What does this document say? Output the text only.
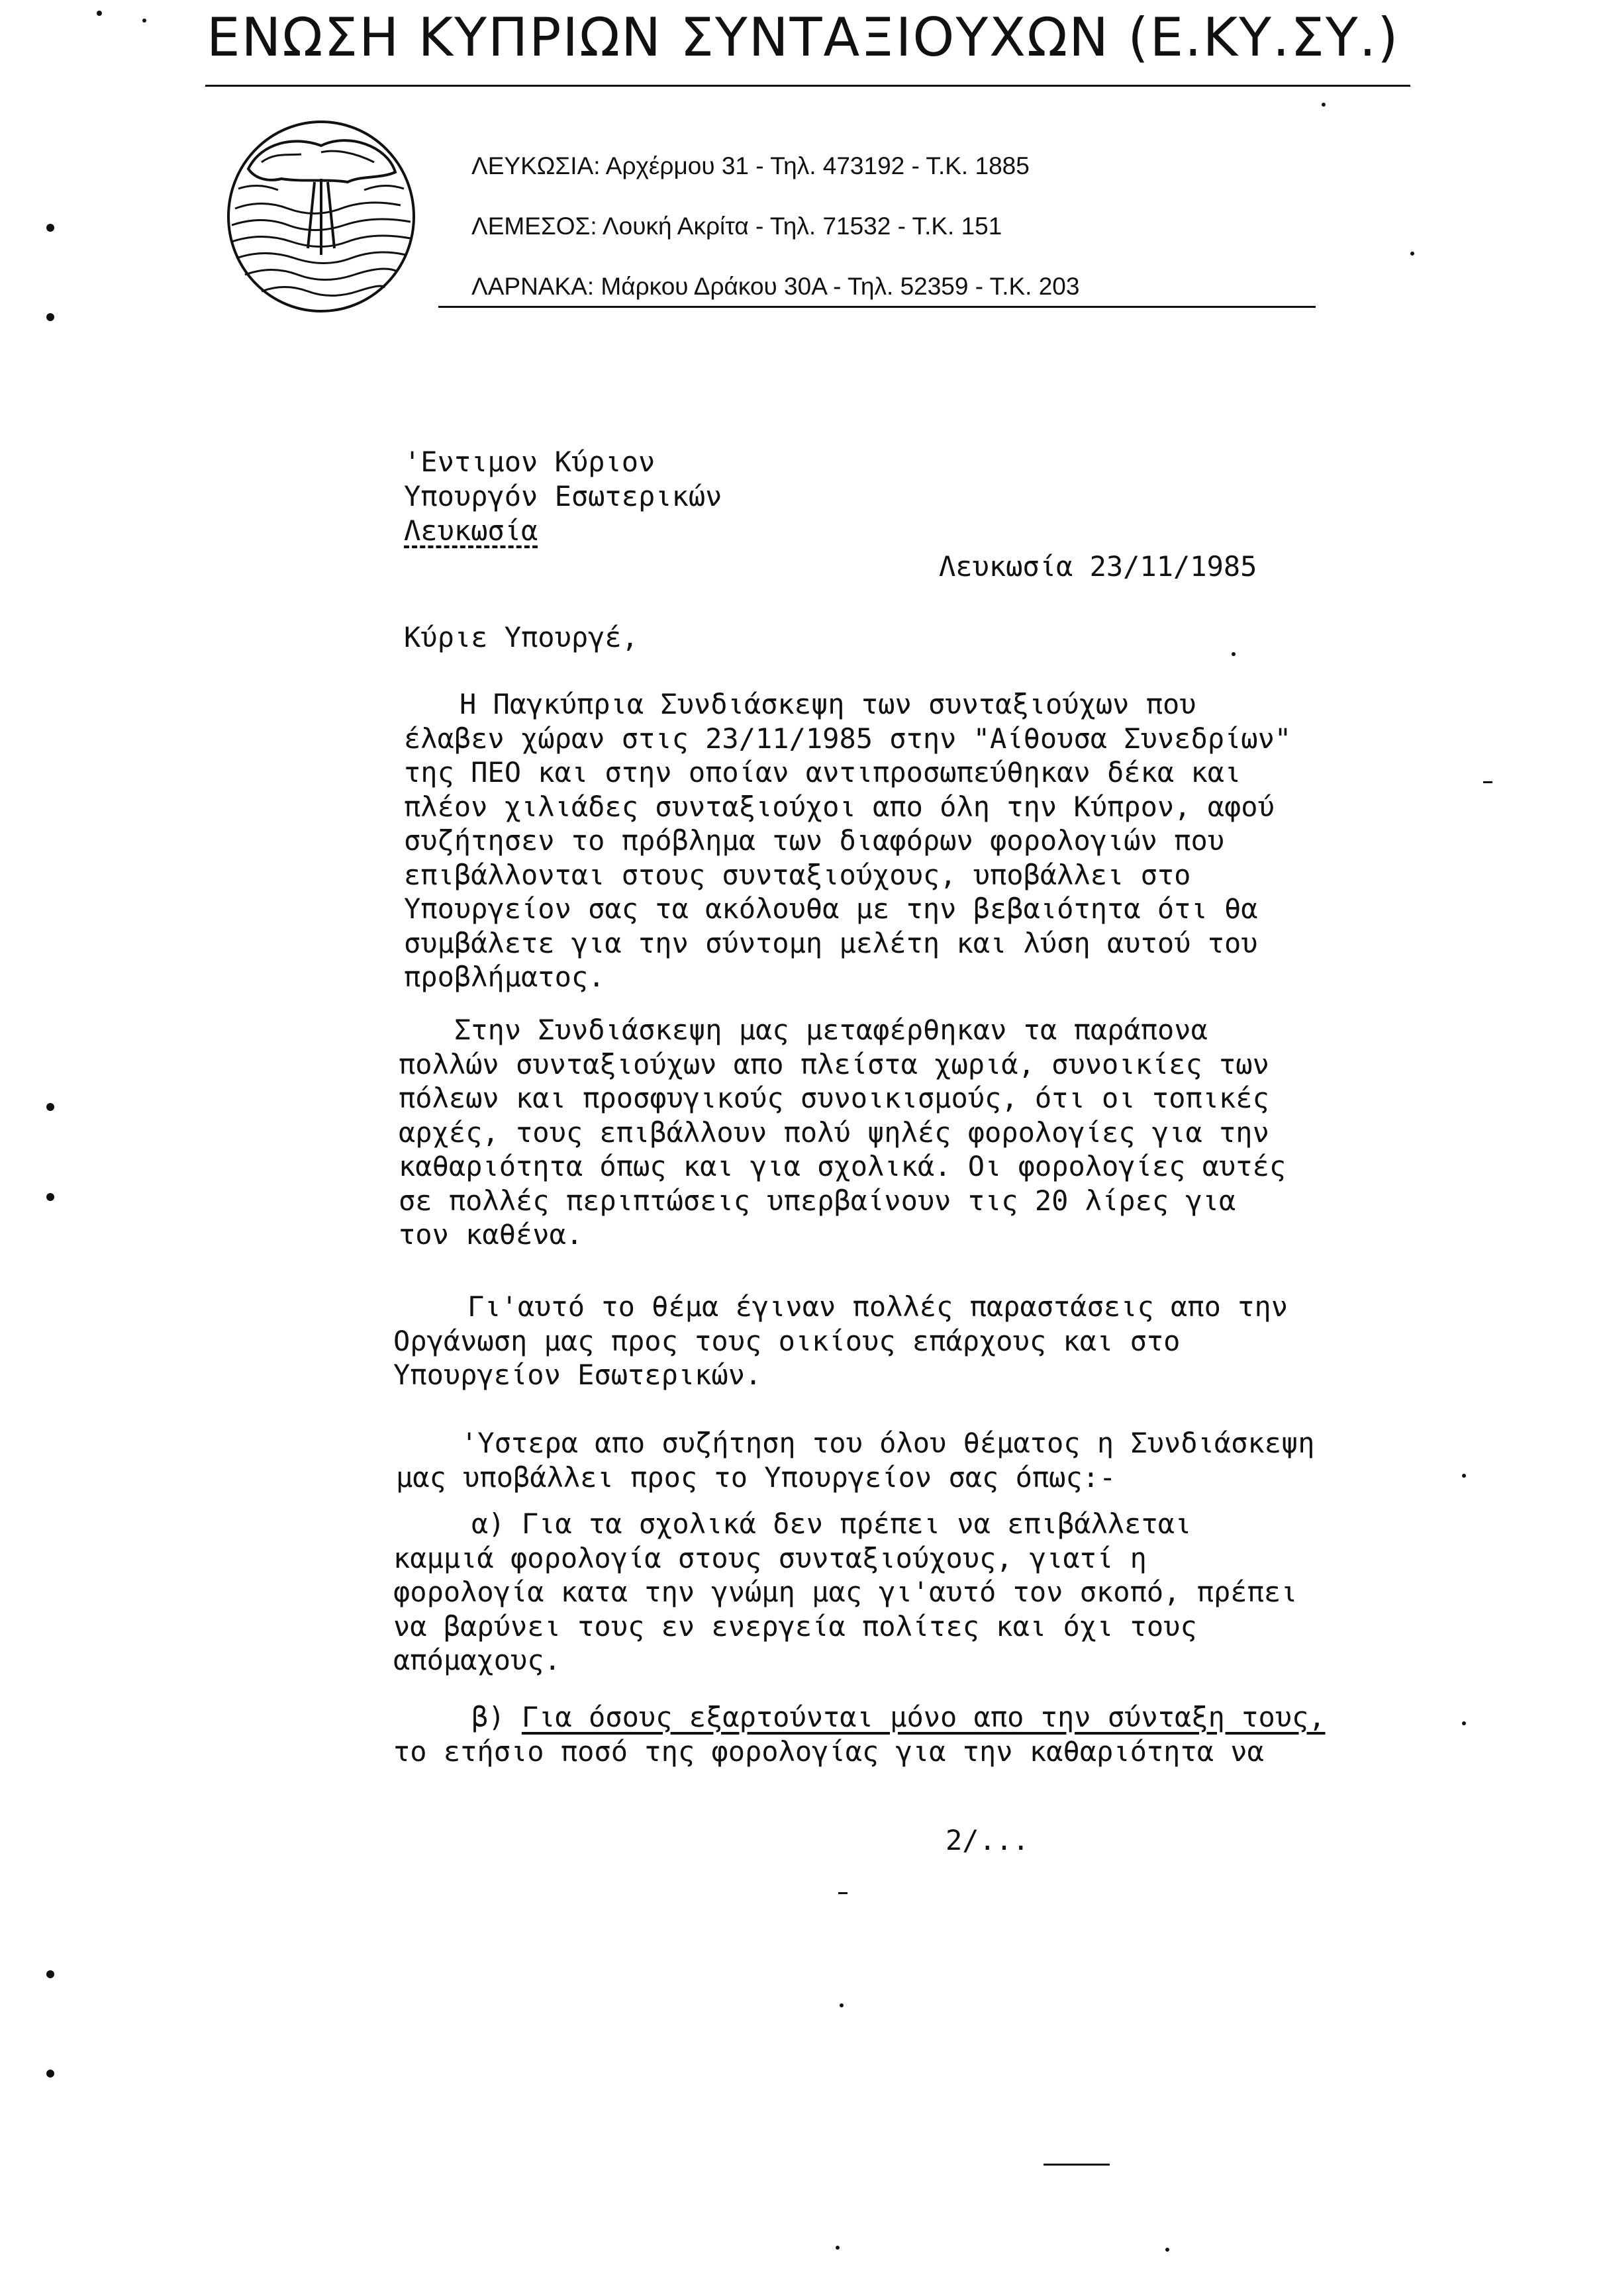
ΕΝΩΣΗ ΚΥΠΡΙΩΝ ΣΥΝΤΑΞΙΟΥΧΩΝ (Ε.ΚΥ.ΣΥ.)
ΛΕΥΚΩΣΙΑ: Αρχέρμου 31 - Τηλ. 473192 - Τ.Κ. 1885
ΛΕΜΕΣΟΣ: Λουκή Ακρίτα - Τηλ. 71532 - Τ.Κ. 151
ΛΑΡΝΑΚΑ: Μάρκου Δράκου 30Α - Τηλ. 52359 - Τ.Κ. 203
'Εντιμον Κύριον
Υπουργόν Εσωτερικών
Λευκωσία
Λευκωσία 23/11/1985
Κύριε Υπουργέ,
Η Παγκύπρια Συνδιάσκεψη των συνταξιούχων που
έλαβεν χώραν στις 23/11/1985 στην "Αίθουσα Συνεδρίων"
της ΠΕΟ και στην οποίαν αντιπροσωπεύθηκαν δέκα και
πλέον χιλιάδες συνταξιούχοι απο όλη την Κύπρον, αφού
συζήτησεν το πρόβλημα των διαφόρων φορολογιών που
επιβάλλονται στους συνταξιούχους, υποβάλλει στο
Υπουργείον σας τα ακόλουθα με την βεβαιότητα ότι θα
συμβάλετε για την σύντομη μελέτη και λύση αυτού του
προβλήματος.
Στην Συνδιάσκεψη μας μεταφέρθηκαν τα παράπονα
πολλών συνταξιούχων απο πλείστα χωριά, συνοικίες των
πόλεων και προσφυγικούς συνοικισμούς, ότι οι τοπικές
αρχές, τους επιβάλλουν πολύ ψηλές φορολογίες για την
καθαριότητα όπως και για σχολικά. Οι φορολογίες αυτές
σε πολλές περιπτώσεις υπερβαίνουν τις 20 λίρες για
τον καθένα.
Γι'αυτό το θέμα έγιναν πολλές παραστάσεις απο την
Οργάνωση μας προς τους οικίους επάρχους και στο
Υπουργείον Εσωτερικών.
'Υστερα απο συζήτηση του όλου θέματος η Συνδιάσκεψη
μας υποβάλλει προς το Υπουργείον σας όπως:-
α) Για τα σχολικά δεν πρέπει να επιβάλλεται
καμμιά φορολογία στους συνταξιούχους, γιατί η
φορολογία κατα την γνώμη μας γι'αυτό τον σκοπό, πρέπει
να βαρύνει τους εν ενεργεία πολίτες και όχι τους
απόμαχους.
β) Για όσους εξαρτούνται μόνο απο την σύνταξη τους,
το ετήσιο ποσό της φορολογίας για την καθαριότητα να
2/...
